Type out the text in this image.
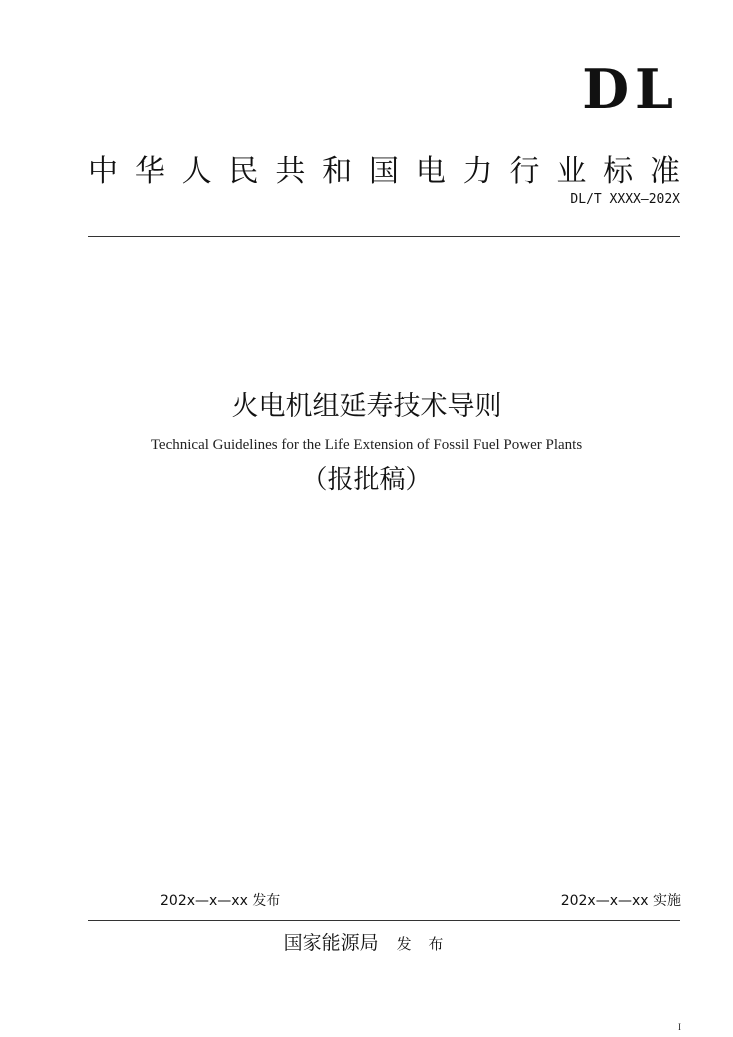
DL
中华人民共和国电力行业标准
DL/T XXXX—202X
火电机组延寿技术导则
Technical Guidelines for the Life Extension of Fossil Fuel Power Plants
（报批稿）
202x—x—xx 发布	202x—x—xx 实施
国家能源局 发 布
I
